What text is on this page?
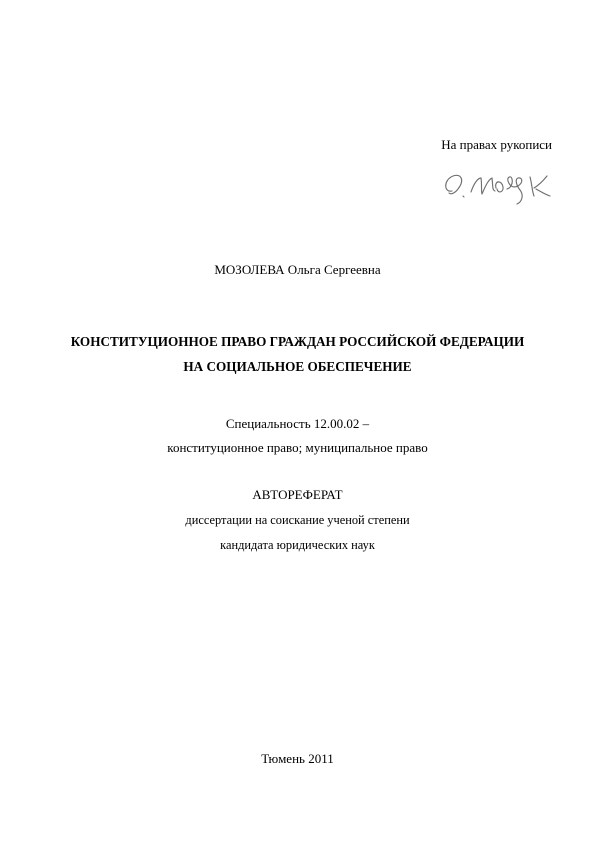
На правах рукописи
МОЗОЛЕВА Ольга Сергеевна
КОНСТИТУЦИОННОЕ ПРАВО ГРАЖДАН РОССИЙСКОЙ ФЕДЕРАЦИИ
НА СОЦИАЛЬНОЕ ОБЕСПЕЧЕНИЕ
Специальность 12.00.02 –
конституционное право; муниципальное право
АВТОРЕФЕРАТ
диссертации на соискание ученой степени
кандидата юридических наук
Тюмень 2011
